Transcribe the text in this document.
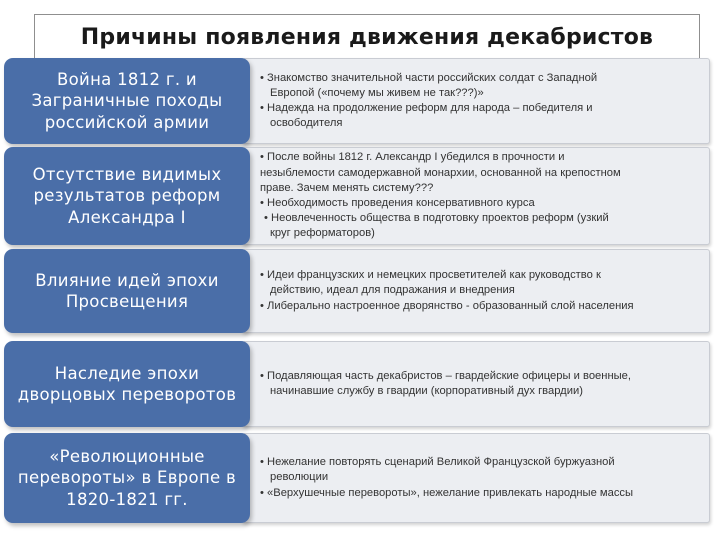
Причины появления движения декабристов
Война 1812 г. и Заграничные походы российской армии

• Знакомство значительной части российских солдат с Западной

Европой («почему мы живем не так???)»

• Надежда на продолжение реформ для народа – победителя и

освободителя

Отсутствие видимых результатов реформ Александра I

• После войны 1812 г. Александр I убедился в прочности и

незыблемости самодержавной монархии, основанной на крепостном

праве. Зачем менять систему???

• Необходимость проведения консервативного курса

• Неовлеченность общества в подготовку проектов реформ (узкий

круг реформаторов)

Влияние идей эпохи Просвещения

• Идеи французских и немецких просветителей как руководство к

действию, идеал для подражания и внедрения

• Либерально настроенное дворянство - образованный слой населения

Наследие эпохи дворцовых переворотов

• Подавляющая часть декабристов – гвардейские офицеры и военные,

начинавшие службу в гвардии (корпоративный дух гвардии)

«Революционные перевороты» в Европе в 1820-1821 гг.

• Нежелание повторять сценарий Великой Французской буржуазной

революции

• «Верхушечные перевороты», нежелание привлекать народные массы
